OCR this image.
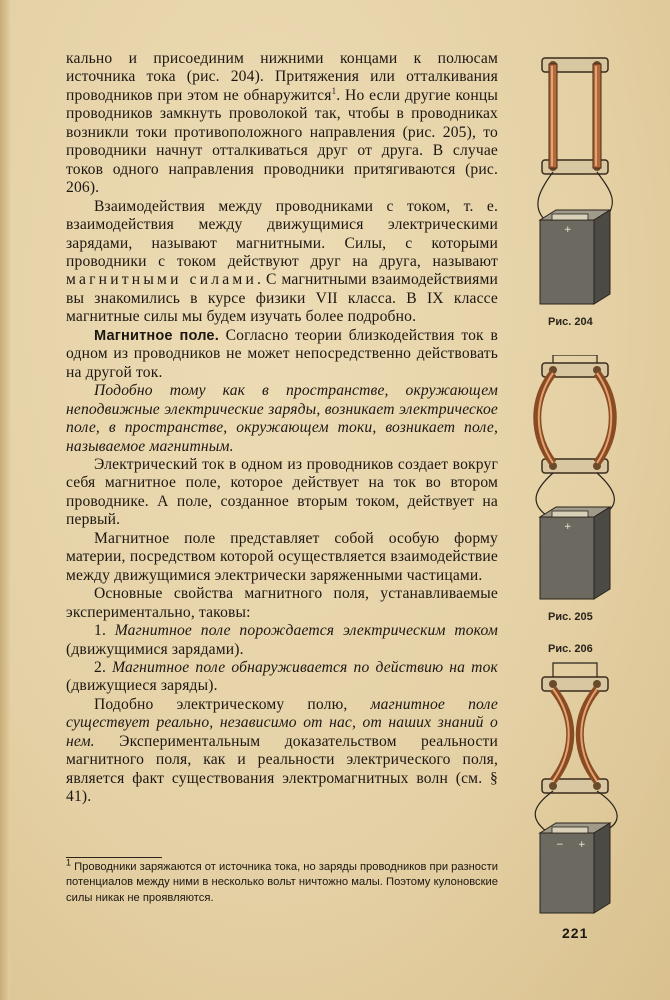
кально и присоединим нижними концами к полюсам источника тока (рис. 204). Притяжения или отталкивания проводников при этом не обнаружится$^1$. Но если другие концы проводников замкнуть проволокой так, чтобы в проводниках возникли токи противоположного направления (рис. 205), то проводники начнут отталкиваться друг от друга. В случае токов одного направления проводники притягиваются (рис. 206).

Взаимодействия между проводниками с током, т. е. взаимодействия между движущимися электрическими зарядами, называют магнитными. Силы, с которыми проводники с током действуют друг на друга, называют магнитными силами. С магнитными взаимодействиями вы знакомились в курсе физики VII класса. В IX классе магнитные силы мы будем изучать более подробно.

Магнитное поле. Согласно теории близкодействия ток в одном из проводников не может непосредственно действовать на другой ток.

Подобно тому как в пространстве, окружающем неподвижные электрические заряды, возникает электрическое поле, в пространстве, окружающем токи, возникает поле, называемое магнитным.

Электрический ток в одном из проводников создает вокруг себя магнитное поле, которое действует на ток во втором проводнике. А поле, созданное вторым током, действует на первый.

Магнитное поле представляет собой особую форму материи, посредством которой осуществляется взаимодействие между движущимися электрически заряженными частицами.

Основные свойства магнитного поля, устанавливаемые экспериментально, таковы:

1. Магнитное поле порождается электрическим током (движущимися зарядами).

2. Магнитное поле обнаруживается по действию на ток (движущиеся заряды).

Подобно электрическому полю, магнитное поле существует реально, независимо от нас, от наших знаний о нем. Экспериментальным доказательством реальности магнитного поля, как и реальности электрического поля, является факт существования электромагнитных волн (см. § 41).

$^1$ Проводники заряжаются от источника тока, но заряды проводников при разности потенциалов между ними в несколько вольт ничтожно малы. Поэтому кулоновские силы никак не проявляются.
221
+
+
− +
Рис. 204
Рис. 205
Рис. 206
